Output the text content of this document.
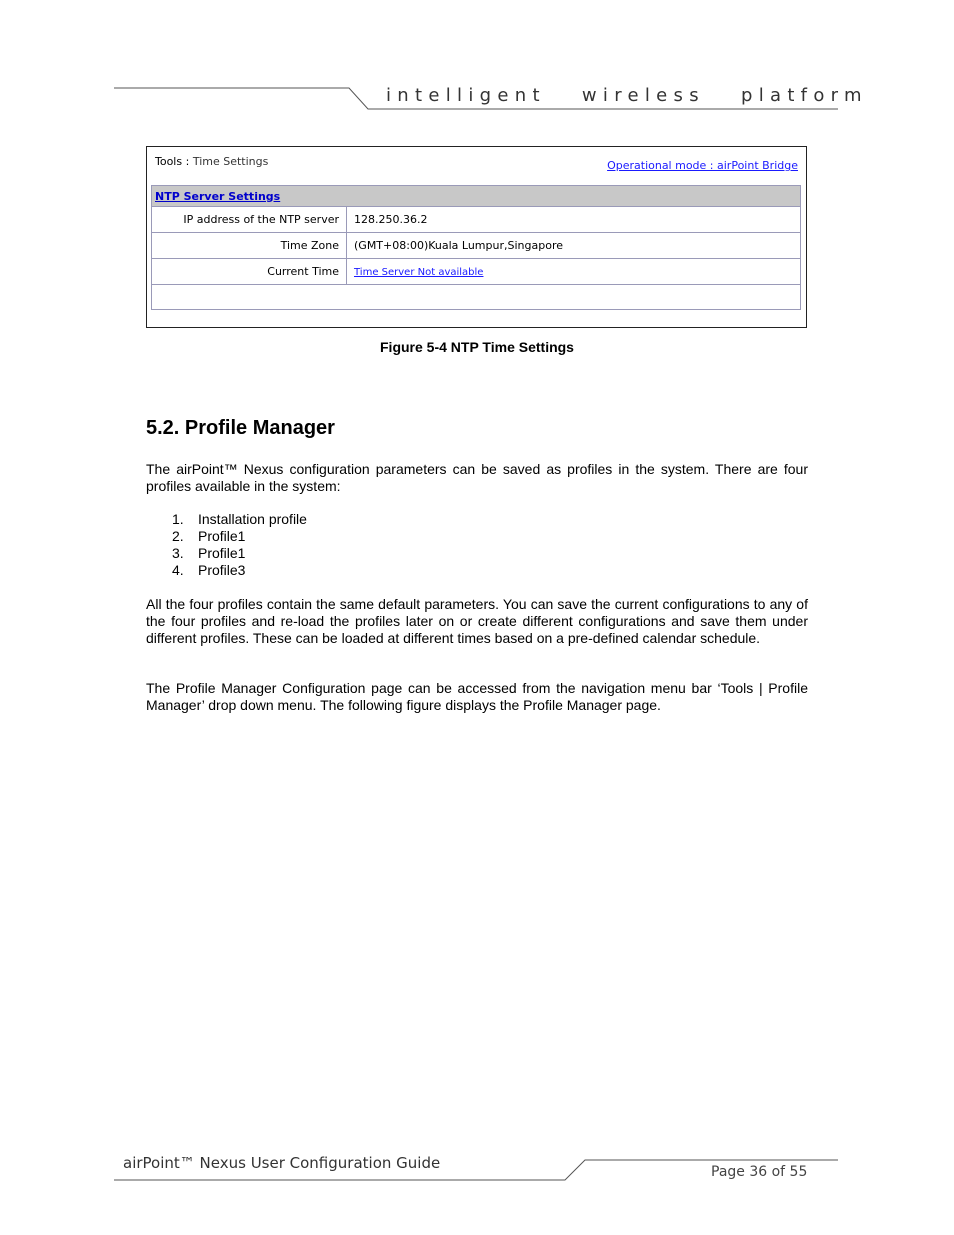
intelligent   wireless   platform
Tools : Time Settings	Operational mode : airPoint Bridge
NTP Server Settings	
IP address of the NTP server	128.250.36.2
Time Zone	(GMT+08:00)Kuala Lumpur,Singapore
Current Time	Time Server Not available

Figure 5-4 NTP Time Settings
5.2. Profile Manager

The airPoint™ Nexus configuration parameters can be saved as profiles in the system. There are four profiles available in the system:

1. Installation profile
2. Profile1
3. Profile1
4. Profile3

All the four profiles contain the same default parameters. You can save the current configurations to any of the four profiles and re-load the profiles later on or create different configurations and save them under different profiles. These can be loaded at different times based on a pre-defined calendar schedule.

The Profile Manager Configuration page can be accessed from the navigation menu bar ‘Tools | Profile Manager’ drop down menu. The following figure displays the Profile Manager page.

airPoint™ Nexus User Configuration Guide	Page 36 of 55
